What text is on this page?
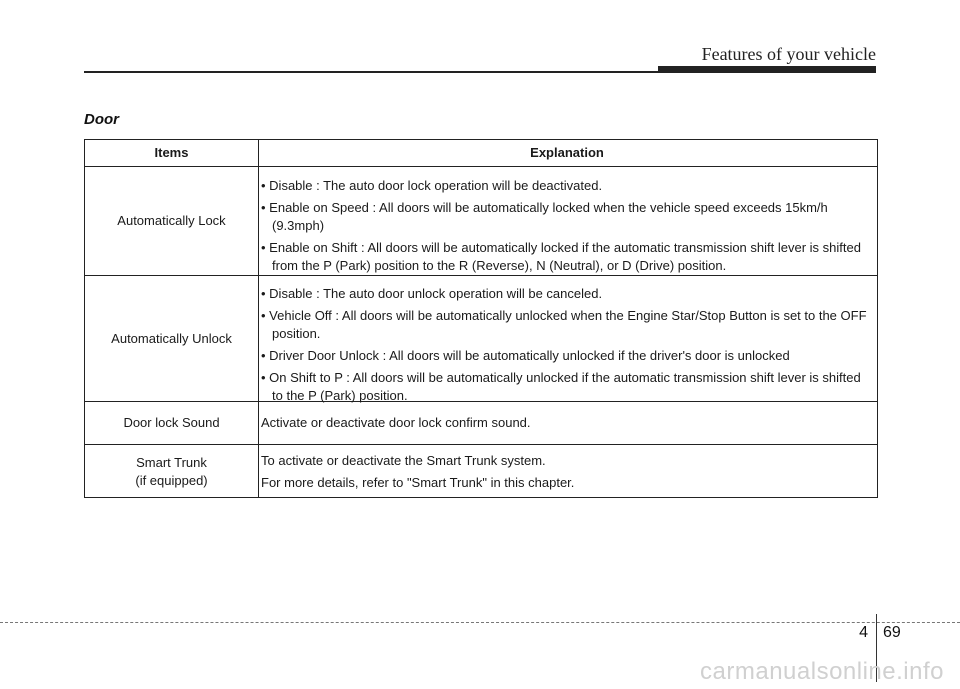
Features of your vehicle
Door
Items	Explanation
Automatically Lock
• Disable : The auto door lock operation will be deactivated.
• Enable on Speed : All doors will be automatically locked when the vehicle speed exceeds 15km/h (9.3mph)
• Enable on Shift : All doors will be automatically locked if the automatic transmission shift lever is shifted from the P (Park) position to the R (Reverse), N (Neutral), or D (Drive) position.
Automatically Unlock
• Disable : The auto door unlock operation will be canceled.
• Vehicle Off : All doors will be automatically unlocked when the Engine Star/Stop Button is set to the OFF position.
• Driver Door Unlock : All doors will be automatically unlocked if the driver's door is unlocked
• On Shift to P : All doors will be automatically unlocked if the automatic transmission shift lever is shifted to the P (Park) position.
Door lock Sound	Activate or deactivate door lock confirm sound.
Smart Trunk
(if equipped)

To activate or deactivate the Smart Trunk system.

For more details, refer to "Smart Trunk" in this chapter.

4 69
carmanualsonline.info
